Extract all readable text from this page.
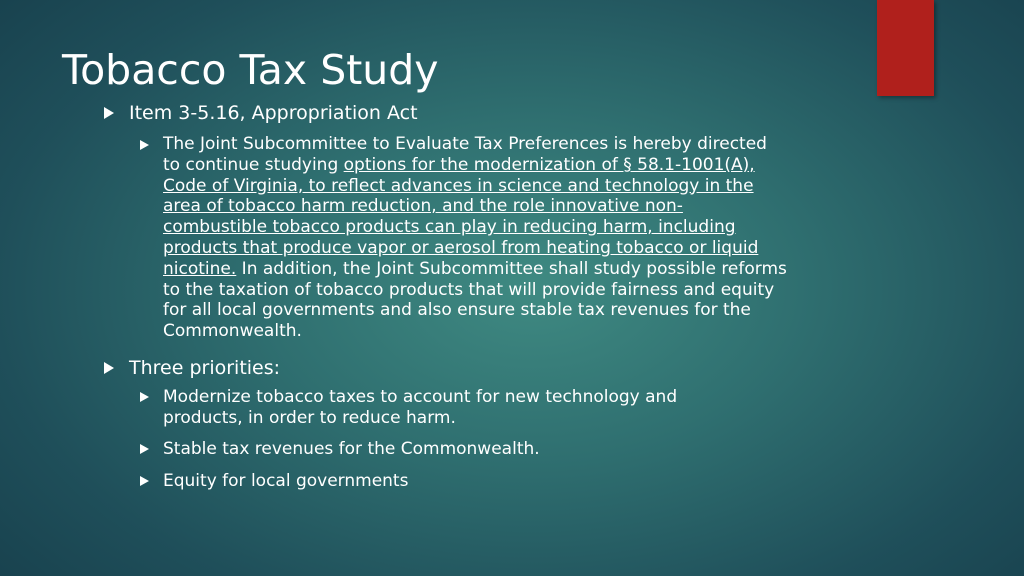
Tobacco Tax Study
Item 3-5.16, Appropriation Act
The Joint Subcommittee to Evaluate Tax Preferences is hereby directed
to continue studying options for the modernization of § 58.1-1001(A),
Code of Virginia, to reflect advances in science and technology in the
area of tobacco harm reduction, and the role innovative non-
combustible tobacco products can play in reducing harm, including
products that produce vapor or aerosol from heating tobacco or liquid
nicotine. In addition, the Joint Subcommittee shall study possible reforms
to the taxation of tobacco products that will provide fairness and equity
for all local governments and also ensure stable tax revenues for the
Commonwealth.
Three priorities:
Modernize tobacco taxes to account for new technology and
products, in order to reduce harm.
Stable tax revenues for the Commonwealth.
Equity for local governments
